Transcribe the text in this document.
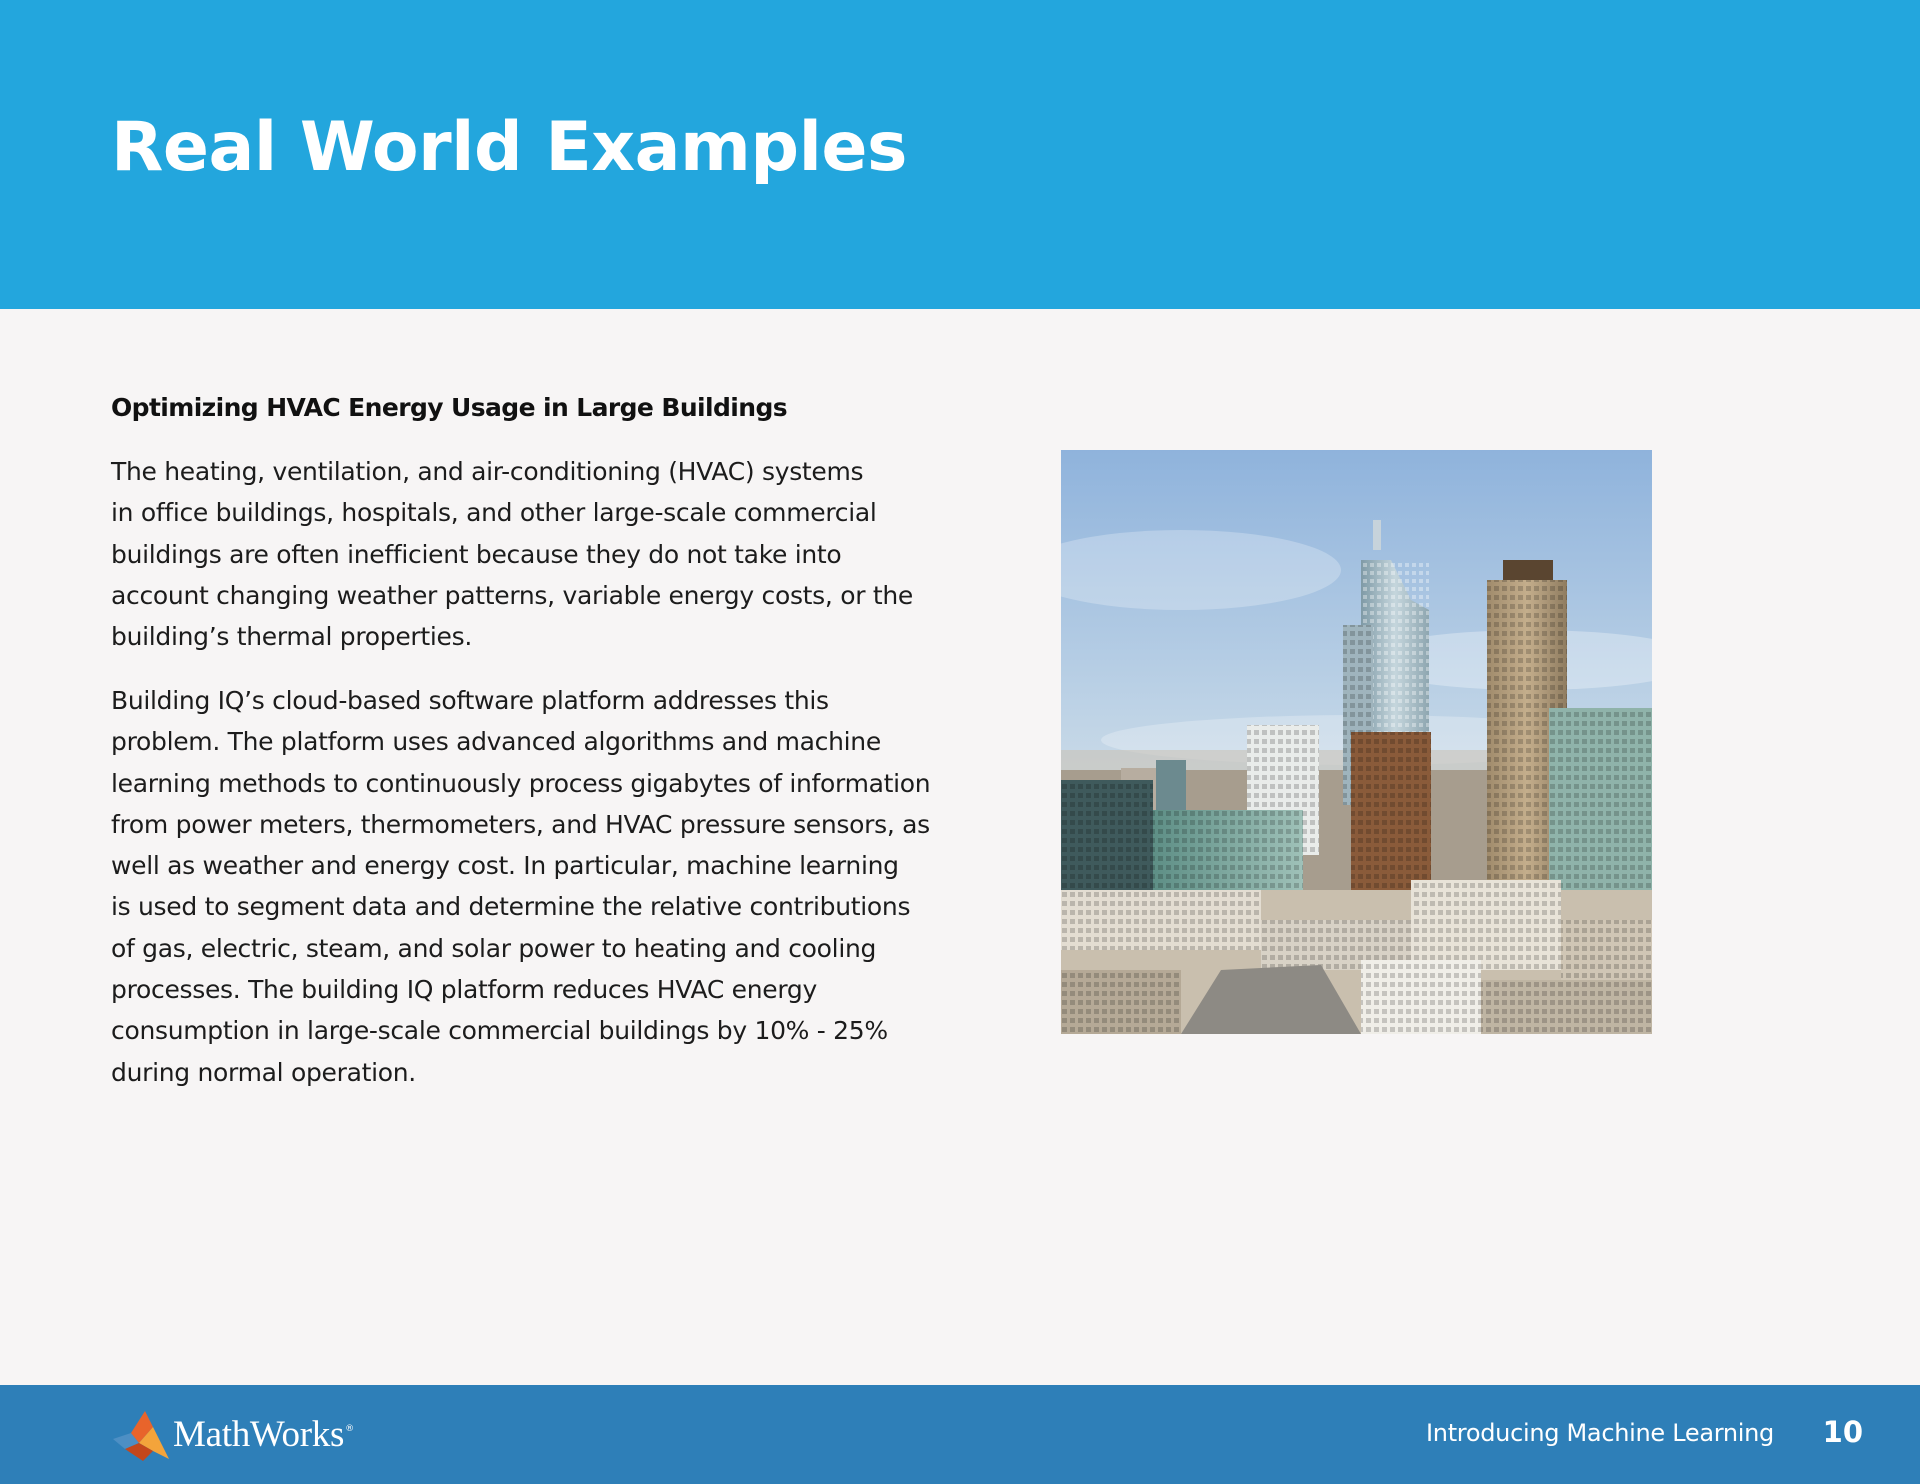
Real World Examples
Optimizing HVAC Energy Usage in Large Buildings

The heating, ventilation, and air-conditioning (HVAC) systems
in office buildings, hospitals, and other large-scale commercial
buildings are often inefficient because they do not take into
account changing weather patterns, variable energy costs, or the
building’s thermal properties.

Building IQ’s cloud-based software platform addresses this
problem. The platform uses advanced algorithms and machine
learning methods to continuously process gigabytes of information
from power meters, thermometers, and HVAC pressure sensors, as
well as weather and energy cost. In particular, machine learning
is used to segment data and determine the relative contributions
of gas, electric, steam, and solar power to heating and cooling
processes. The building IQ platform reduces HVAC energy
consumption in large-scale commercial buildings by 10% - 25%
during normal operation.

MathWorks ®	Introducing Machine Learning 10
